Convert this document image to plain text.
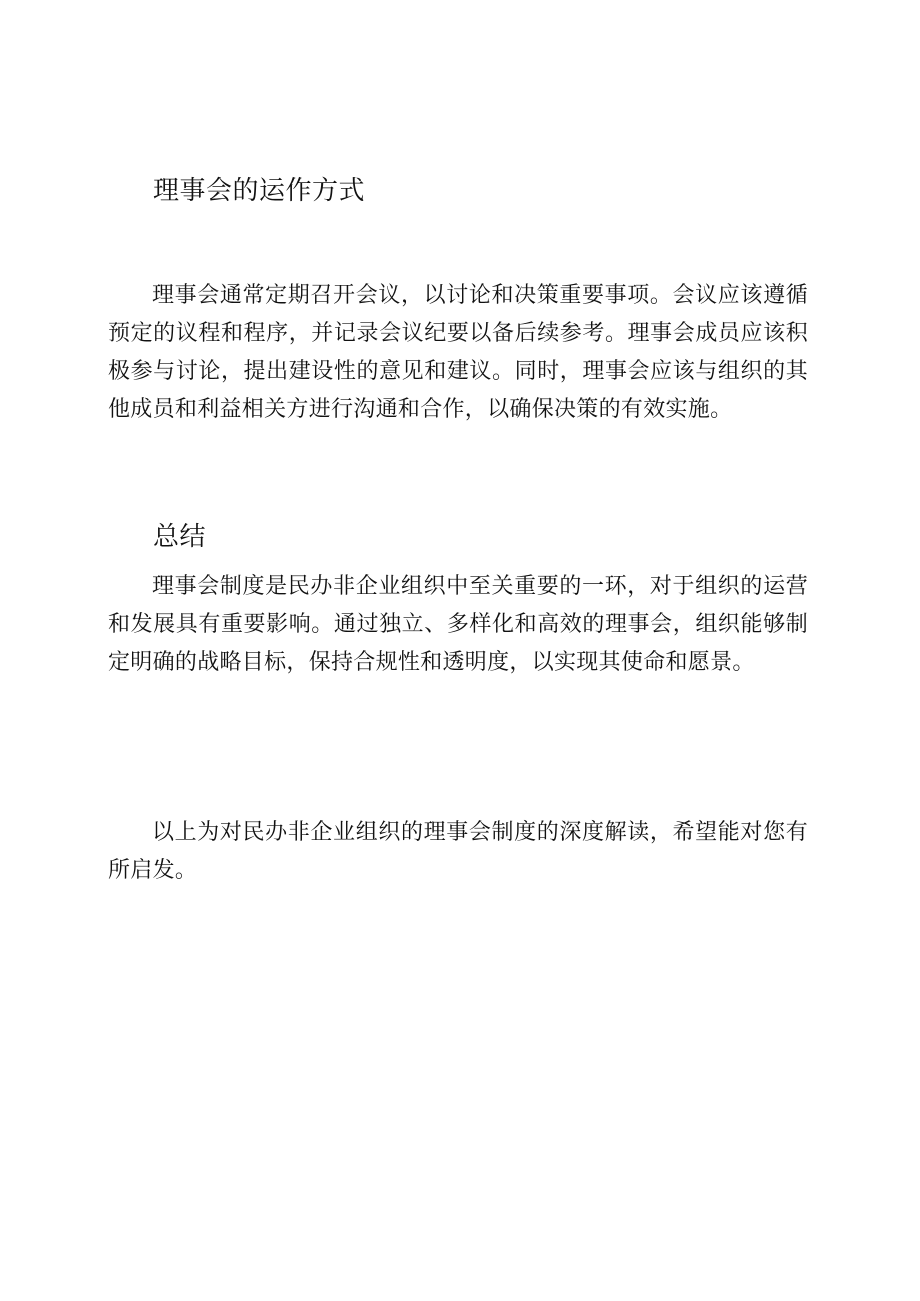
理事会的运作方式

理事会通常定期召开会议，以讨论和决策重要事项。会议应该遵循预定的议程和程序，并记录会议纪要以备后续参考。理事会成员应该积极参与讨论，提出建设性的意见和建议。同时，理事会应该与组织的其他成员和利益相关方进行沟通和合作，以确保决策的有效实施。

总结

理事会制度是民办非企业组织中至关重要的一环，对于组织的运营和发展具有重要影响。通过独立、多样化和高效的理事会，组织能够制定明确的战略目标，保持合规性和透明度，以实现其使命和愿景。

以上为对民办非企业组织的理事会制度的深度解读，希望能对您有所启发。
